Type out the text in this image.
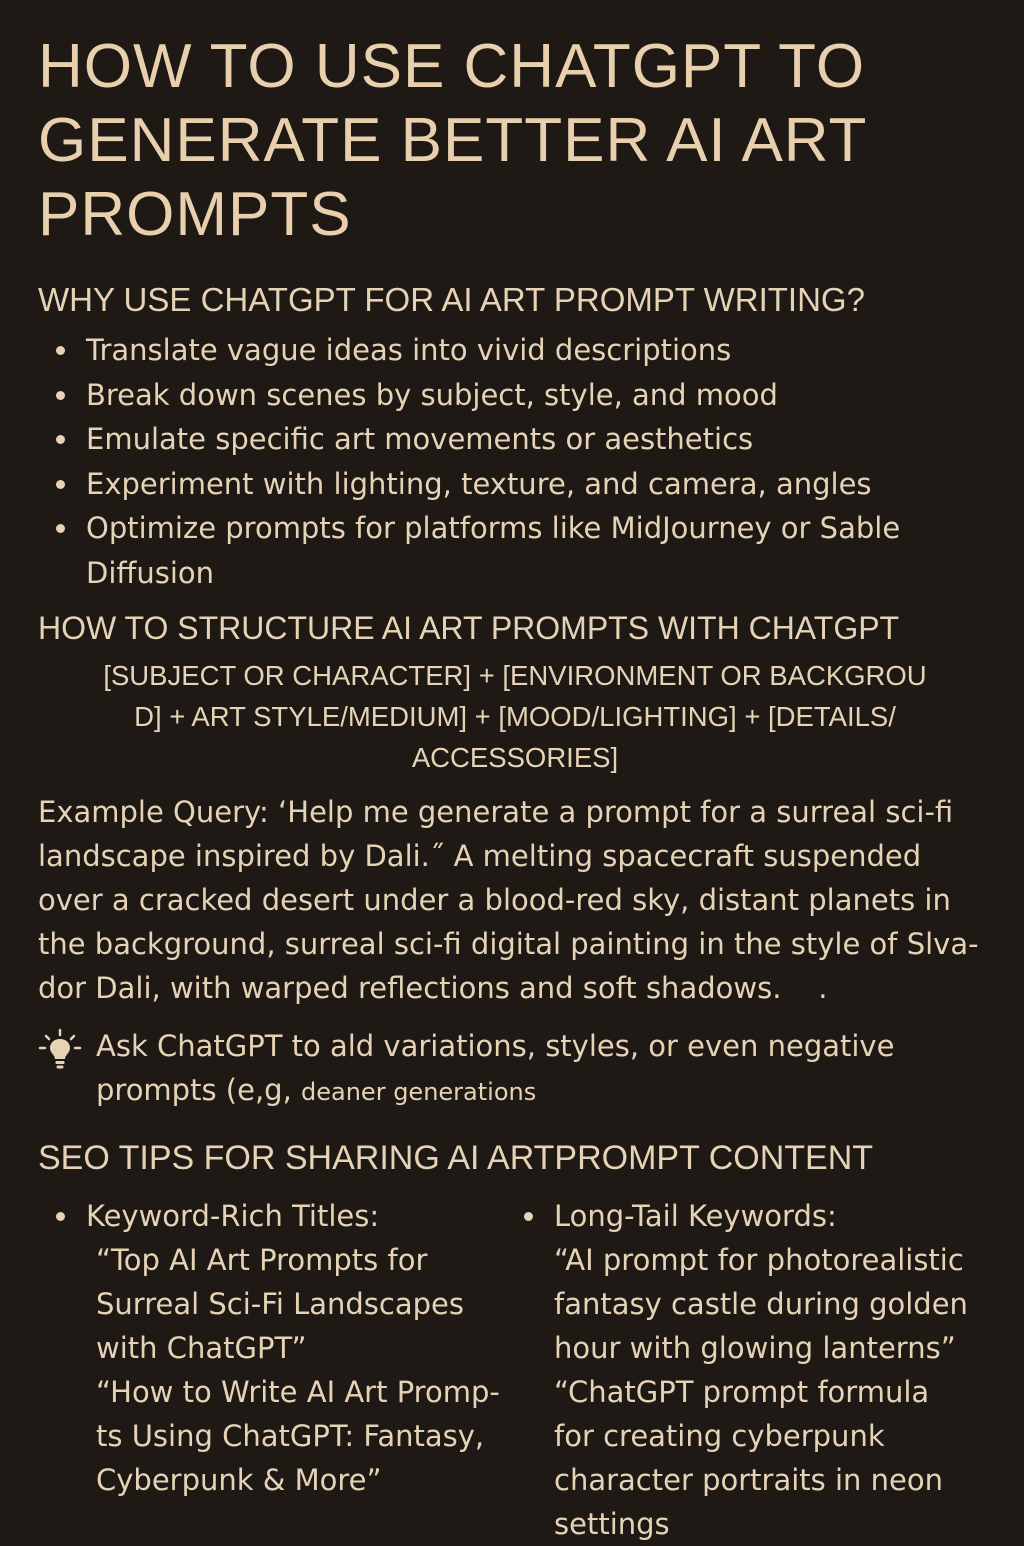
HOW TO USE CHATGPT TO
GENERATE BETTER AI ART
PROMPTS
WHY USE CHATGPT FOR AI ART PROMPT WRITING?
Translate vague ideas into vivid descriptions
Break down scenes by subject, style, and mood
Emulate specific art movements or aesthetics
Experiment with lighting, texture, and camera, angles
Optimize prompts for platforms like MidJourney or Sable
Diffusion
HOW TO STRUCTURE AI ART PROMPTS WITH CHATGPT

[SUBJECT OR CHARACTER] + [ENVIRONMENT OR BACKGROU
D] + ART STYLE/MEDIUM] + [MOOD/LIGHTING] + [DETAILS/
ACCESSORIES]

Example Query: ‘Help me generate a prompt for a surreal sci-fi
landscape inspired by Dali.˝ A melting spacecraft suspended
over a cracked desert under a blood-red sky, distant planets in
the background, surreal sci-fi digital painting in the style of Slva-
dor Dali, with warped reflections and soft shadows.    .

Ask ChatGPT to ald variations, styles, or even negative
prompts (e,g, deaner generations
SEO TIPS FOR SHARING AI ARTPROMPT CONTENT
Keyword-Rich Titles:
“Top AI Art Prompts for
Surreal Sci-Fi Landscapes
with ChatGPT”
“How to Write AI Art Promp-
ts Using ChatGPT: Fantasy,
Cyberpunk & More”
Long-Tail Keywords:
“AI prompt for photorealistic
fantasy castle during golden
hour with glowing lanterns”
“ChatGPT prompt formula
for creating cyberpunk
character portraits in neon
settings
